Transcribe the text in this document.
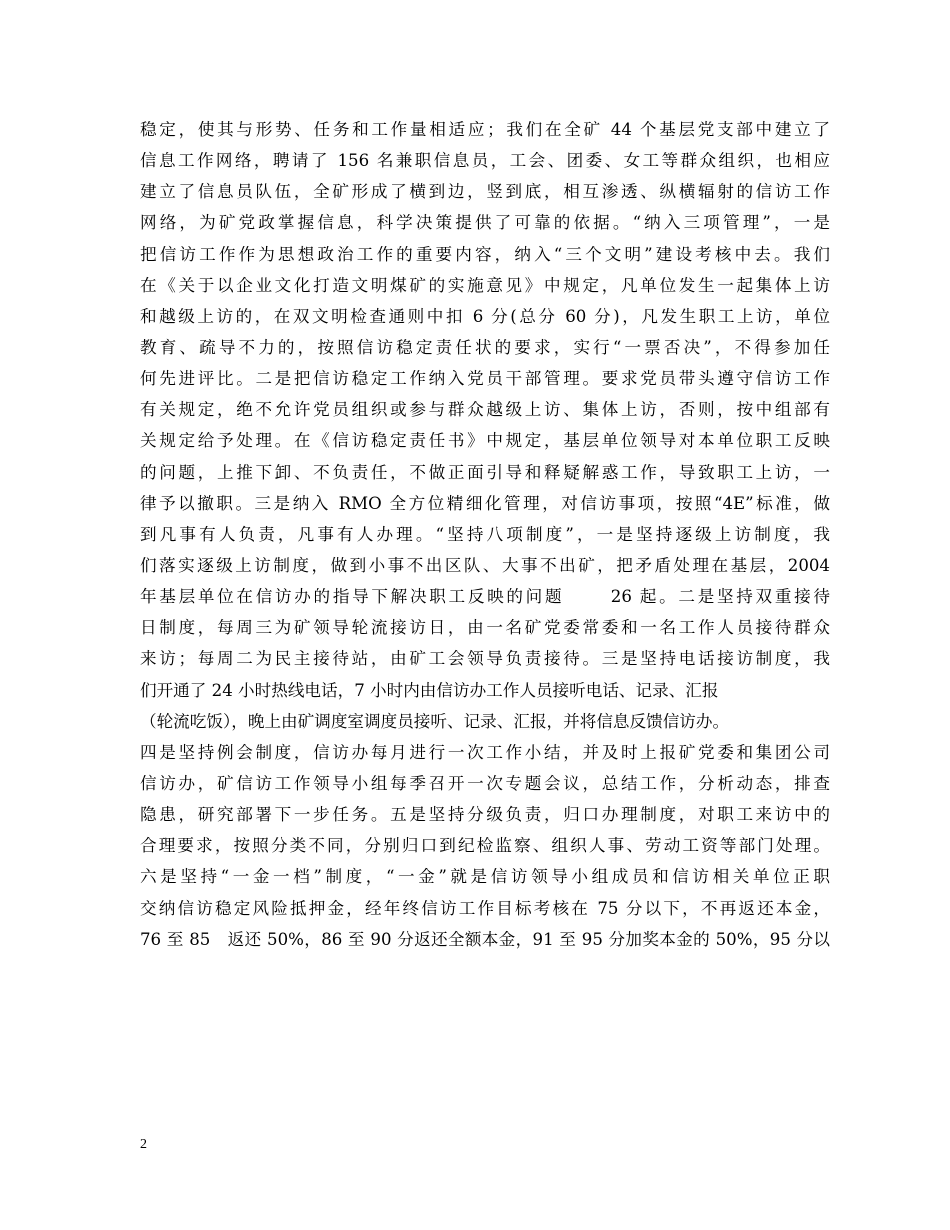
稳定，使其与形势、任务和工作量相适应；我们在全矿 44 个基层党支部中建立了
信息工作网络，聘请了 156 名兼职信息员，工会、团委、女工等群众组织，也相应
建立了信息员队伍，全矿形成了横到边，竖到底，相互渗透、纵横辐射的信访工作
网络，为矿党政掌握信息，科学决策提供了可靠的依据。“纳入三项管理”，一是
把信访工作作为思想政治工作的重要内容，纳入“三个文明”建设考核中去。我们
在《关于以企业文化打造文明煤矿的实施意见》中规定，凡单位发生一起集体上访
和越级上访的，在双文明检查通则中扣 6 分(总分 60 分)，凡发生职工上访，单位
教育、疏导不力的，按照信访稳定责任状的要求，实行“一票否决”，不得参加任
何先进评比。二是把信访稳定工作纳入党员干部管理。要求党员带头遵守信访工作
有关规定，绝不允许党员组织或参与群众越级上访、集体上访，否则，按中组部有
关规定给予处理。在《信访稳定责任书》中规定，基层单位领导对本单位职工反映
的问题，上推下卸、不负责任，不做正面引导和释疑解惑工作，导致职工上访，一
律予以撤职。三是纳入 RMO 全方位精细化管理，对信访事项，按照“4E”标准，做
到凡事有人负责，凡事有人办理。“坚持八项制度”，一是坚持逐级上访制度，我
们落实逐级上访制度，做到小事不出区队、大事不出矿，把矛盾处理在基层，2004
年基层单位在信访办的指导下解决职工反映的问题　　 26 起。二是坚持双重接待
日制度，每周三为矿领导轮流接访日，由一名矿党委常委和一名工作人员接待群众
来访；每周二为民主接待站，由矿工会领导负责接待。三是坚持电话接访制度，我
们开通了 24 小时热线电话，7 小时内由信访办工作人员接听电话、记录、汇报
（轮流吃饭），晚上由矿调度室调度员接听、记录、汇报，并将信息反馈信访办。
四是坚持例会制度，信访办每月进行一次工作小结，并及时上报矿党委和集团公司
信访办，矿信访工作领导小组每季召开一次专题会议，总结工作，分析动态，排查
隐患，研究部署下一步任务。五是坚持分级负责，归口办理制度，对职工来访中的
合理要求，按照分类不同，分别归口到纪检监察、组织人事、劳动工资等部门处理。
六是坚持“一金一档”制度，“一金”就是信访领导小组成员和信访相关单位正职
交纳信访稳定风险抵押金，经年终信访工作目标考核在 75 分以下，不再返还本金，
76 至 85　返还 50%，86 至 90 分返还全额本金，91 至 95 分加奖本金的 50%，95 分以
2
